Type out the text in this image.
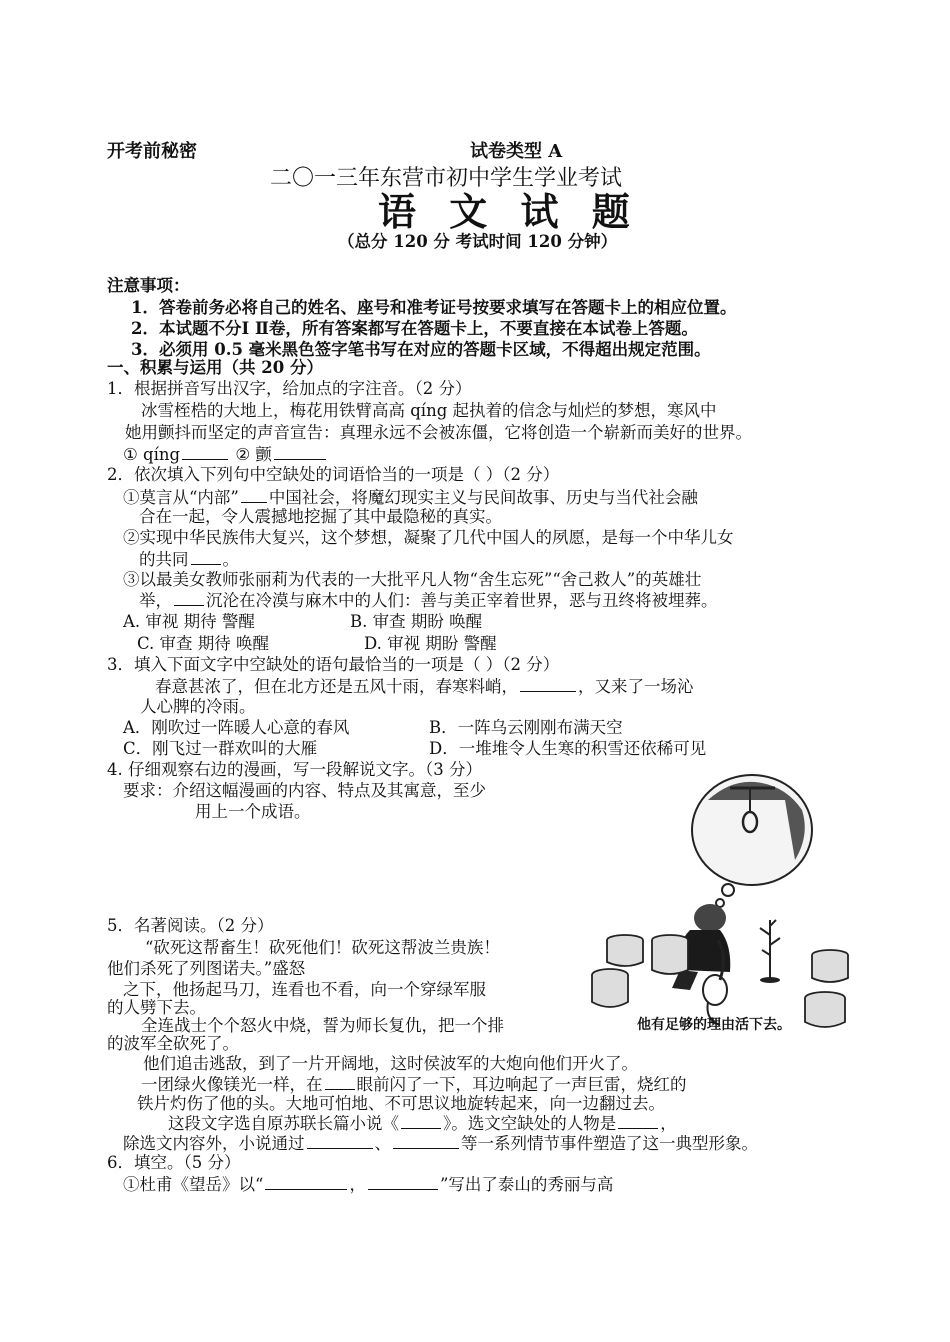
开考前秘密	试卷类型 A
二〇一三年东营市初中学生学业考试
语 文 试 题
（总分 120 分 考试时间 120 分钟）
注意事项：
1．答卷前务必将自己的姓名、座号和准考证号按要求填写在答题卡上的相应位置。
2．本试题不分Ⅰ Ⅱ卷，所有答案都写在答题卡上，不要直接在本试卷上答题。
3．必须用 0.5 毫米黑色签字笔书写在对应的答题卡区域，不得超出规定范围。
一、积累与运用（共 20 分）
1．根据拼音写出汉字，给加点的字注音。（2 分）
冰雪桎梏的大地上，梅花用铁臂高高 qíng 起执着的信念与灿烂的梦想，寒风中
她用颤抖而坚定的声音宣告：真理永远不会被冻僵，它将创造一个崭新而美好的世界。
① qíng	② 颤
2．依次填入下列句中空缺处的词语恰当的一项是（ ）（2 分）
①莫言从“内部” 中国社会，将魔幻现实主义与民间故事、历史与当代社会融
合在一起，令人震撼地挖掘了其中最隐秘的真实。
②实现中华民族伟大复兴，这个梦想，凝聚了几代中国人的夙愿，是每一个中华儿女
的共同 。
③以最美女教师张丽莉为代表的一大批平凡人物“舍生忘死”“舍己救人”的英雄壮
举， 沉沦在冷漠与麻木中的人们：善与美正宰着世界，恶与丑终将被埋葬。
A. 审视 期待 警醒	B. 审查 期盼 唤醒
C. 审查 期待 唤醒	D. 审视 期盼 警醒
3．填入下面文字中空缺处的语句最恰当的一项是（ ）（2 分）
春意甚浓了，但在北方还是五风十雨，春寒料峭，	，又来了一场沁
人心脾的冷雨。
A．刚吹过一阵暖人心意的春风	B．一阵乌云刚刚布满天空
C．刚飞过一群欢叫的大雁	D．一堆堆令人生寒的积雪还依稀可见
4. 仔细观察右边的漫画，写一段解说文字。（3 分）
要求：介绍这幅漫画的内容、特点及其寓意，至少
用上一个成语。
他有足够的理由活下去。
5．名著阅读。（2 分）
“砍死这帮畜生！砍死他们！砍死这帮波兰贵族！
他们杀死了列图诺夫。”盛怒
之下，他扬起马刀，连看也不看，向一个穿绿军服
的人劈下去。
全连战士个个怒火中烧，誓为师长复仇，把一个排
的波军全砍死了。
他们追击逃敌，到了一片开阔地，这时侯波军的大炮向他们开火了。
一团绿火像镁光一样，在 眼前闪了一下，耳边响起了一声巨雷，烧红的
铁片灼伤了他的头。大地可怕地、不可思议地旋转起来，向一边翻过去。
这段文字选自原苏联长篇小说《	》。选文空缺处的人物是	，
除选文内容外，小说通过	、	等一系列情节事件塑造了这一典型形象。
6．填空。（5 分）
①杜甫《望岳》以“	，	”写出了泰山的秀丽与高
